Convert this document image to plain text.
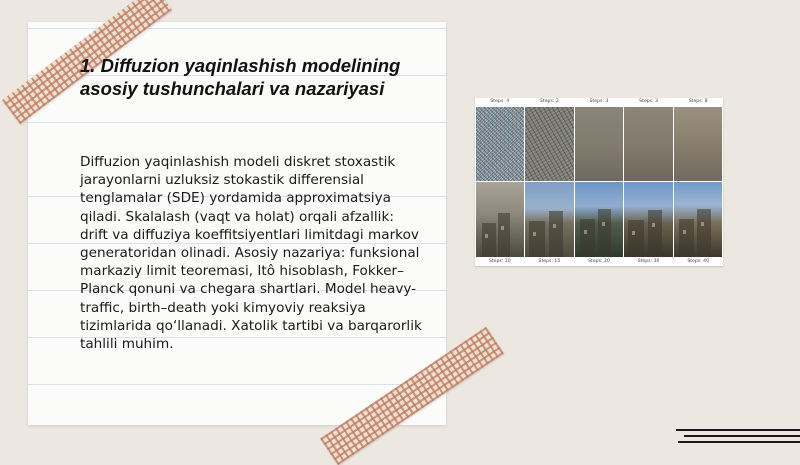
1. Diffuzion yaqinlashish modelining asosiy tushunchalari va nazariyasi

Diffuzion yaqinlashish modeli diskret stoxastik jarayonlarni uzluksiz stokastik differensial tenglamalar (SDE) yordamida approximatsiya qiladi. Skalalash (vaqt va holat) orqali afzallik: drift va diffuziya koeffitsiyentlari limitdagi markov generatoridan olinadi. Asosiy nazariya: funksional markaziy limit teoremasi, Itô hisoblash, Fokker–Planck qonuni va chegara shartlari. Model heavy-traffic, birth–death yoki kimyoviy reaksiya tizimlarida qo‘llanadi. Xatolik tartibi va barqarorlik tahlili muhim.

Steps: 4	Steps: 2	Steps: 3	Steps: 3	Steps: 8
Steps: 10	Steps: 15	Steps: 20	Steps: 30	Steps: 40
